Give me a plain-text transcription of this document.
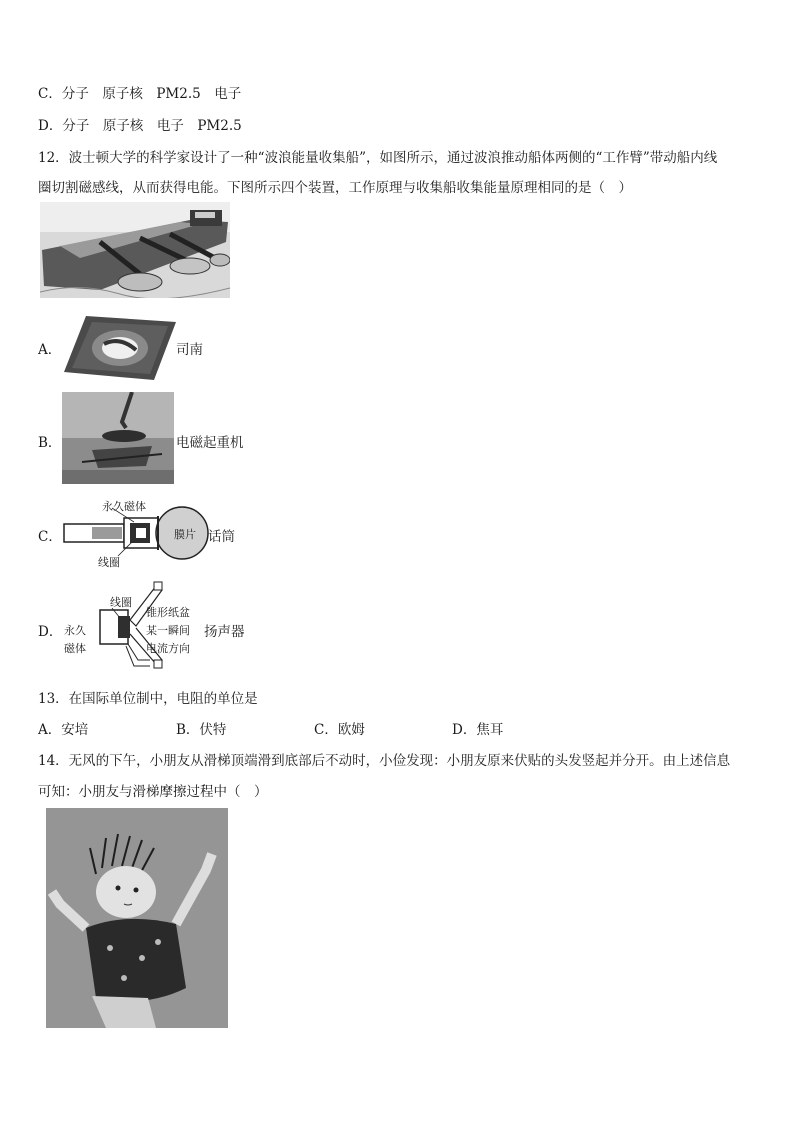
C．分子　原子核　PM2.5　电子
D．分子　原子核　电子　PM2.5
12．波士顿大学的科学家设计了一种“波浪能量收集船”，如图所示，通过波浪推动船体两侧的“工作臂”带动船内线
圈切割磁感线，从而获得电能。下图所示四个装置，工作原理与收集船收集能量原理相同的是（　）
A．	司南
B．	电磁起重机
C．
永久磁体
膜片
线圈
话筒
D．
线圈
锥形纸盆
某一瞬间
永久
磁体	电流方向
扬声器
13．在国际单位制中，电阻的单位是
A．安培	B．伏特	C．欧姆	D．焦耳
14．无风的下午，小朋友从滑梯顶端滑到底部后不动时，小俭发现：小朋友原来伏贴的头发竖起并分开。由上述信息
可知：小朋友与滑梯摩擦过程中（　）
